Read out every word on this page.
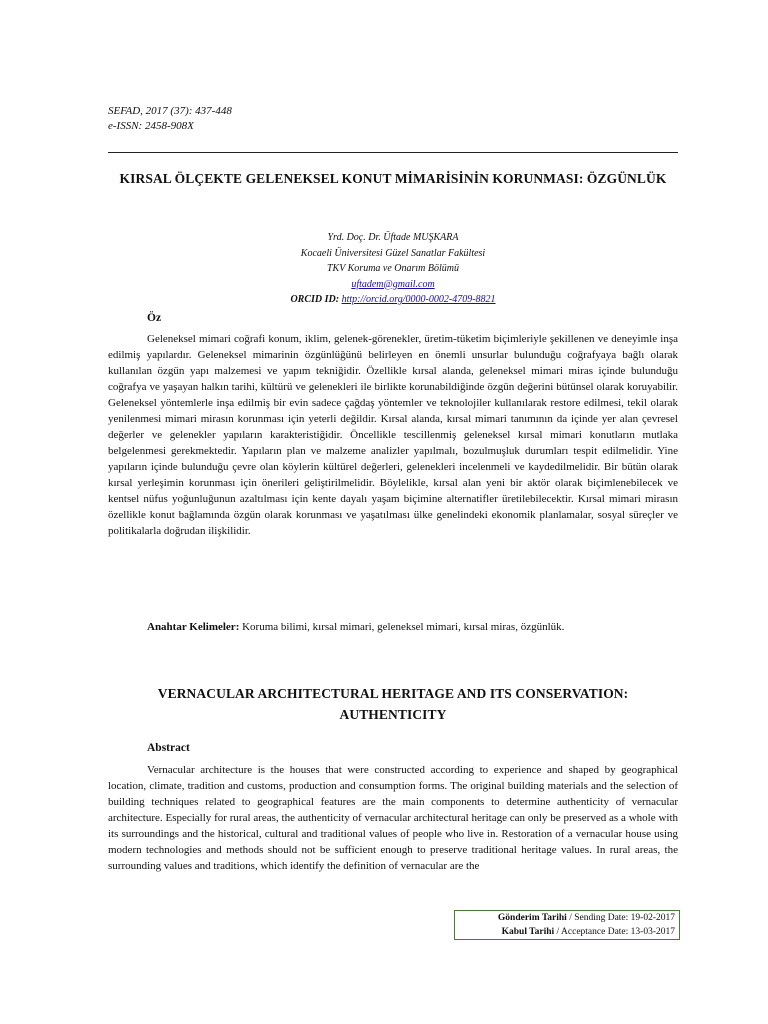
SEFAD, 2017 (37): 437-448
e-ISSN: 2458-908X
KIRSAL ÖLÇEKTE GELENEKSEL KONUT MİMARİSİNİN KORUNMASI: ÖZGÜNLÜK
Yrd. Doç. Dr. Üftade MUŞKARA
Kocaeli Üniversitesi Güzel Sanatlar Fakültesi
TKV Koruma ve Onarım Bölümü
uftadem@gmail.com
ORCID ID: http://orcid.org/0000-0002-4709-8821
Öz

Geleneksel mimari coğrafi konum, iklim, gelenek-görenekler, üretim-tüketim biçimleriyle şekillenen ve deneyimle inşa edilmiş yapılardır. Geleneksel mimarinin özgünlüğünü belirleyen en önemli unsurlar bulunduğu coğrafyaya bağlı olarak kullanılan özgün yapı malzemesi ve yapım tekniğidir. Özellikle kırsal alanda, geleneksel mimari miras içinde bulunduğu coğrafya ve yaşayan halkın tarihi, kültürü ve gelenekleri ile birlikte korunabildiğinde özgün değerini bütünsel olarak koruyabilir. Geleneksel yöntemlerle inşa edilmiş bir evin sadece çağdaş yöntemler ve teknolojiler kullanılarak restore edilmesi, tekil olarak yenilenmesi mimari mirasın korunması için yeterli değildir. Kırsal alanda, kırsal mimari tanımının da içinde yer alan çevresel değerler ve gelenekler yapıların karakteristiğidir. Öncellikle tescillenmiş geleneksel kırsal mimari konutların mutlaka belgelenmesi gerekmektedir. Yapıların plan ve malzeme analizler yapılmalı, bozulmuşluk durumları tespit edilmelidir. Yine yapıların içinde bulunduğu çevre olan köylerin kültürel değerleri, gelenekleri incelenmeli ve kaydedilmelidir. Bir bütün olarak kırsal yerleşimin korunması için önerileri geliştirilmelidir. Böylelikle, kırsal alan yeni bir aktör olarak biçimlenebilecek ve kentsel nüfus yoğunluğunun azaltılması için kente dayalı yaşam biçimine alternatifler üretilebilecektir. Kırsal mimari mirasın özellikle konut bağlamında özgün olarak korunması ve yaşatılması ülke genelindeki ekonomik planlamalar, sosyal süreçler ve politikalarla doğrudan ilişkilidir.

Anahtar Kelimeler: Koruma bilimi, kırsal mimari, geleneksel mimari, kırsal miras, özgünlük.
VERNACULAR ARCHITECTURAL HERITAGE AND ITS CONSERVATION: AUTHENTICITY
Abstract

Vernacular architecture is the houses that were constructed according to experience and shaped by geographical location, climate, tradition and customs, production and consumption forms. The original building materials and the selection of building techniques related to geographical features are the main components to determine authenticity of vernacular architecture. Especially for rural areas, the authenticity of vernacular architectural heritage can only be preserved as a whole with its surroundings and the historical, cultural and traditional values of people who live in. Restoration of a vernacular house using modern technologies and methods should not be sufficient enough to preserve traditional heritage values. In rural areas, the surrounding values and traditions, which identify the definition of vernacular are the

Gönderim Tarihi / Sending Date: 19-02-2017
Kabul Tarihi / Acceptance Date: 13-03-2017
